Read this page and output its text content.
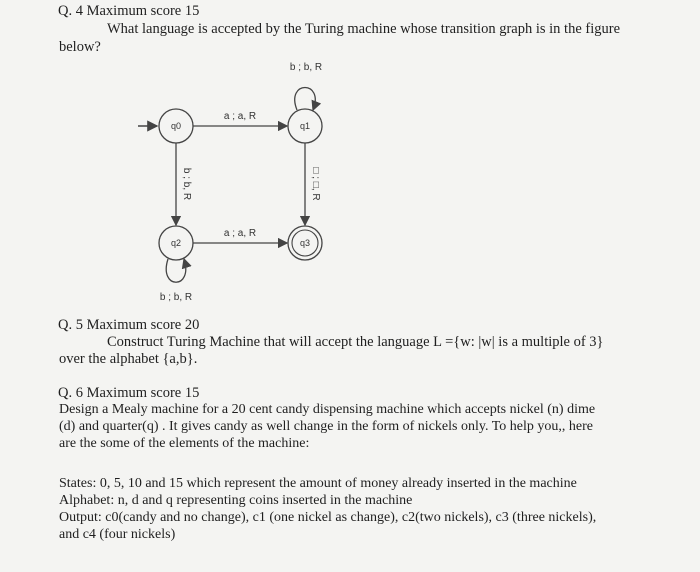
Q. 4 Maximum score 15
What language is accepted by the Turing machine whose transition graph is in the figure
below?
q0	q1
q2	q3
a ; a, R
b ; b, R
b ; b, R	□ ; □, R
a ; a, R
b ; b, R
Q. 5 Maximum score 20
Construct Turing Machine that will accept the language L ={w: |w| is a multiple of 3}
over the alphabet {a,b}.
Q. 6 Maximum score 15
Design a Mealy machine for a 20 cent candy dispensing machine which accepts nickel (n) dime
(d) and quarter(q) . It gives candy as well change in the form of nickels only. To help you,, here
are the some of the elements of the machine:
States: 0, 5, 10 and 15 which represent the amount of money already inserted in the machine
Alphabet: n, d and q representing coins inserted in the machine
Output: c0(candy and no change), c1 (one nickel as change), c2(two nickels), c3 (three nickels),
and c4 (four nickels)
